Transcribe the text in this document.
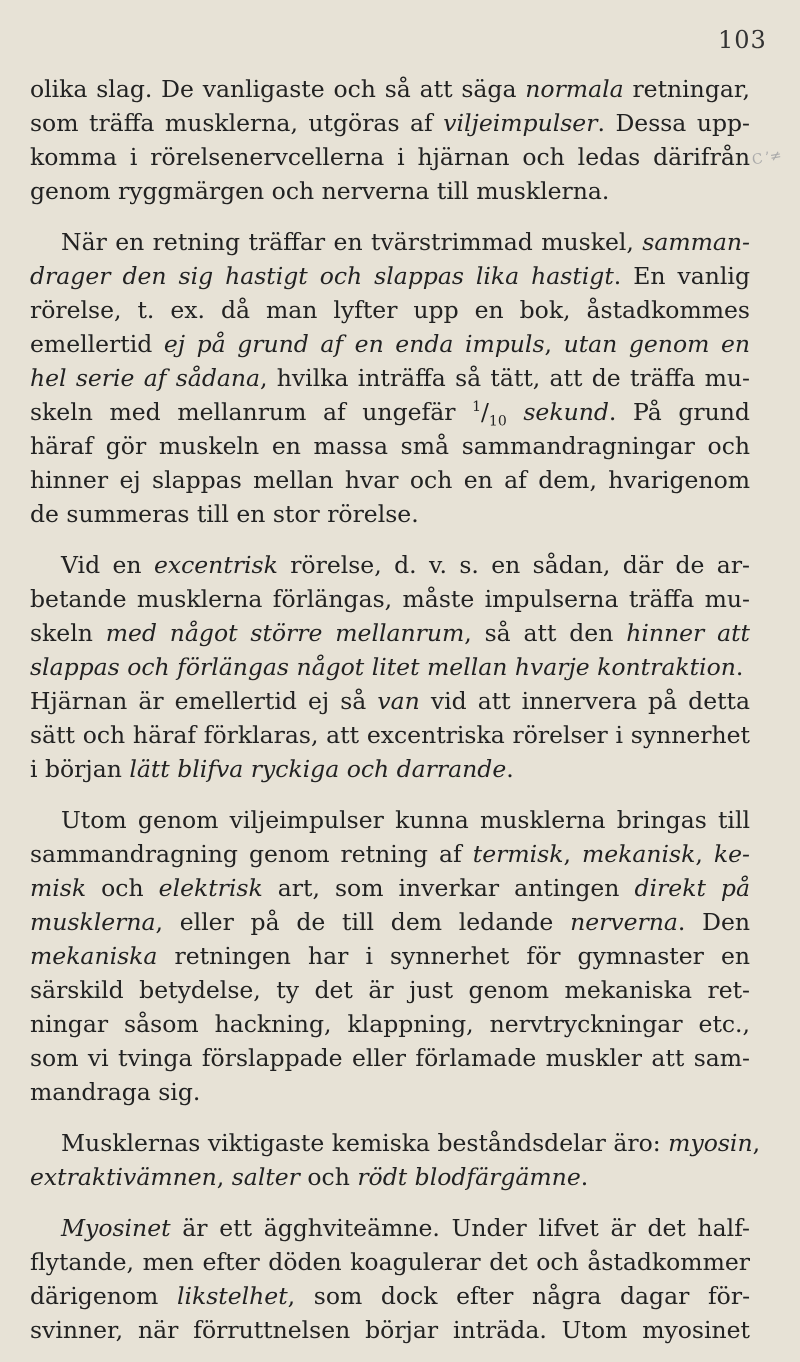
103
C ’≠
olika slag. De vanligaste och så att säga normala retningar,
som träffa musklerna, utgöras af viljeimpulser. Dessa upp-
komma i rörelsenervcellerna i hjärnan och ledas därifrån
genom ryggmärgen och nerverna till musklerna.
När en retning träffar en tvärstrimmad muskel, samman-
drager den sig hastigt och slappas lika hastigt. En vanlig
rörelse, t. ex. då man lyfter upp en bok, åstadkommes
emellertid ej på grund af en enda impuls, utan genom en
hel serie af sådana, hvilka inträffa så tätt, att de träffa mu-
skeln med mellanrum af ungefär $^1/_{10}$ sekund. På grund
häraf gör muskeln en massa små sammandragningar och
hinner ej slappas mellan hvar och en af dem, hvarigenom
de summeras till en stor rörelse.
Vid en excentrisk rörelse, d. v. s. en sådan, där de ar-
betande musklerna förlängas, måste impulserna träffa mu-
skeln med något större mellanrum, så att den hinner att
slappas och förlängas något litet mellan hvarje kontraktion.
Hjärnan är emellertid ej så van vid att innervera på detta
sätt och häraf förklaras, att excentriska rörelser i synnerhet
i början lätt blifva ryckiga och darrande.
Utom genom viljeimpulser kunna musklerna bringas till
sammandragning genom retning af termisk, mekanisk, ke-
misk och elektrisk art, som inverkar antingen direkt på
musklerna, eller på de till dem ledande nerverna. Den
mekaniska retningen har i synnerhet för gymnaster en
särskild betydelse, ty det är just genom mekaniska ret-
ningar såsom hackning, klappning, nervtryckningar etc.,
som vi tvinga förslappade eller förlamade muskler att sam-
mandraga sig.
Musklernas viktigaste kemiska beståndsdelar äro: myosin,
extraktivämnen, salter och rödt blodfärgämne.
Myosinet är ett ägghviteämne. Under lifvet är det half-
flytande, men efter döden koagulerar det och åstadkommer
därigenom likstelhet, som dock efter några dagar för-
svinner, när förruttnelsen börjar inträda. Utom myosinet
